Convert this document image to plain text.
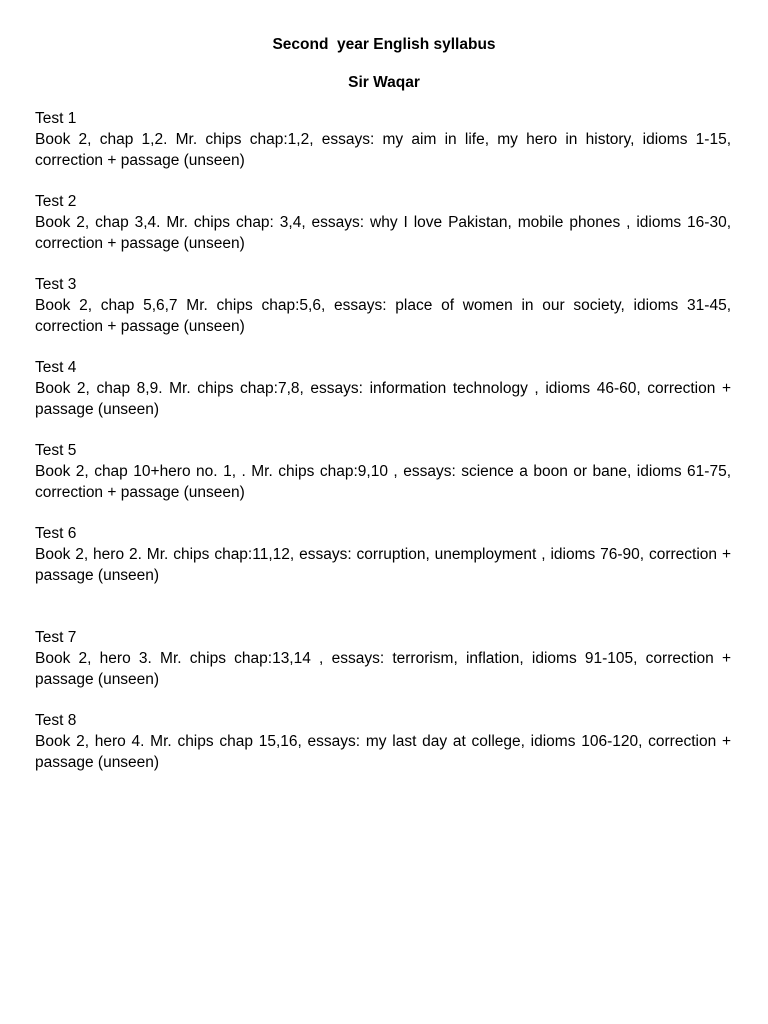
Second  year English syllabus
Sir Waqar
Test 1
Book 2, chap 1,2. Mr. chips chap:1,2, essays: my aim in life, my hero in history, idioms 1-15, correction + passage (unseen)
Test 2
Book 2, chap 3,4. Mr. chips chap: 3,4, essays: why I love Pakistan, mobile phones , idioms 16-30, correction + passage (unseen)
Test 3
Book 2, chap 5,6,7 Mr. chips chap:5,6, essays: place of women in our society, idioms 31-45, correction + passage (unseen)
Test 4
Book 2, chap 8,9. Mr. chips chap:7,8, essays: information technology , idioms 46-60, correction + passage (unseen)
Test 5
Book 2, chap 10+hero no. 1, . Mr. chips chap:9,10 , essays: science a boon or bane, idioms 61-75, correction + passage (unseen)
Test 6
Book 2, hero 2. Mr. chips chap:11,12, essays: corruption, unemployment , idioms 76-90, correction + passage (unseen)
Test 7
Book 2, hero 3. Mr. chips chap:13,14 , essays: terrorism, inflation, idioms 91-105, correction + passage (unseen)
Test 8
Book 2, hero 4. Mr. chips chap 15,16, essays: my last day at college, idioms 106-120, correction + passage (unseen)
